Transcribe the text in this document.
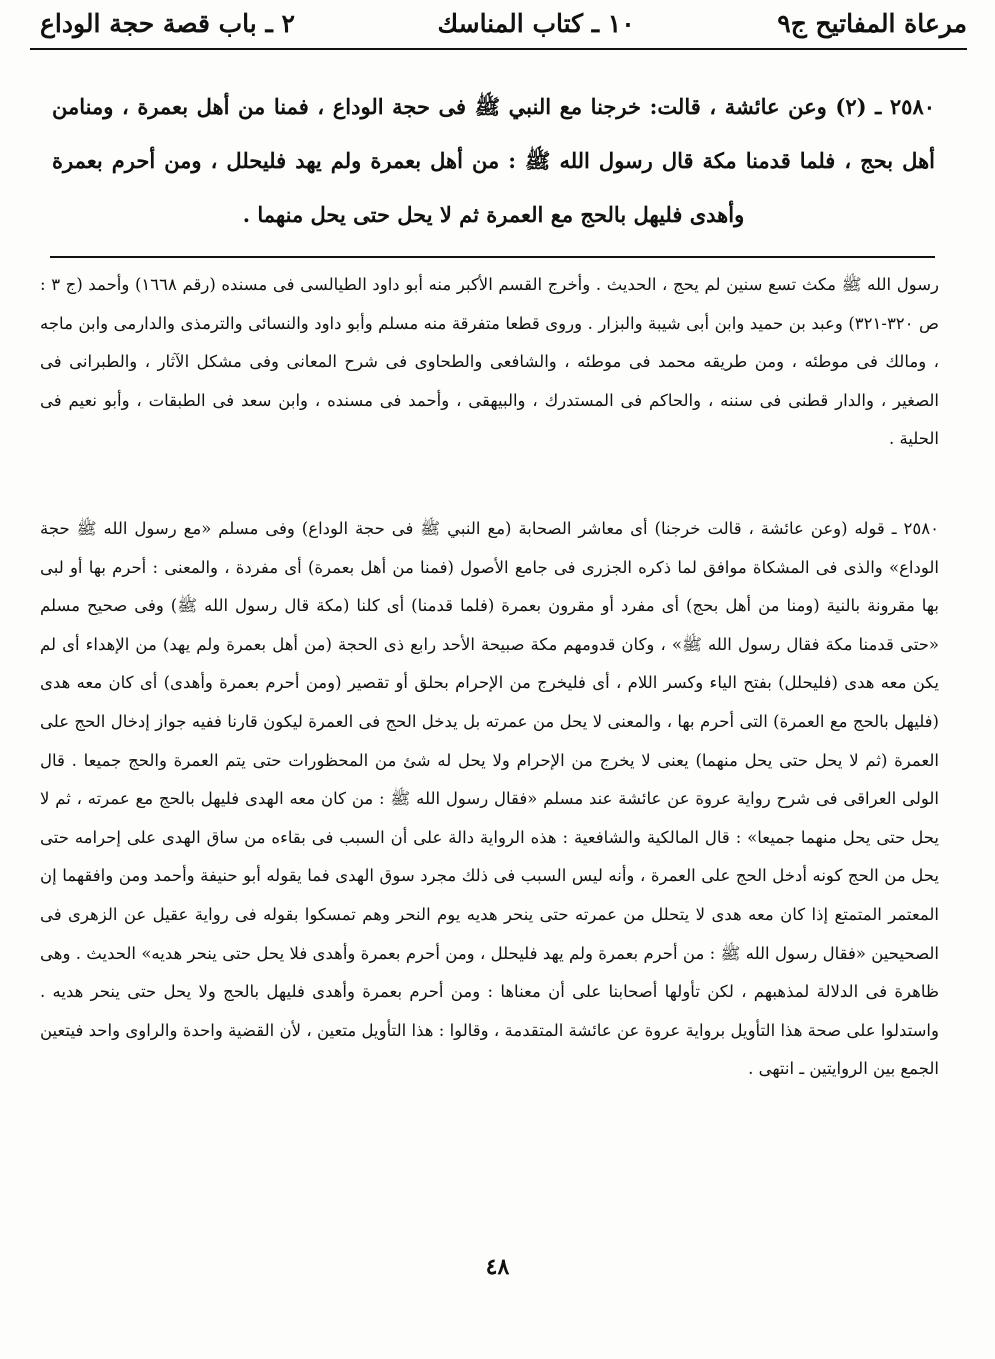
مرعاة المفاتيح ج٩
١٠ ـ كتاب المناسك
٢ ـ باب قصة حجة الوداع
٢٥٨٠ ـ (٢) وعن عائشة ، قالت: خرجنا مع النبي ﷺ فى حجة الوداع ، فمنا من أهل بعمرة ، ومنامن أهل بحج ، فلما قدمنا مكة قال رسول الله ﷺ : من أهل بعمرة ولم يهد فليحلل ، ومن أحرم بعمرة وأهدى فليهل بالحج مع العمرة ثم لا يحل حتى يحل منهما .

رسول الله ﷺ مكث تسع سنين لم يحج ، الحديث . وأخرج القسم الأكبر منه أبو داود الطيالسى فى مسنده (رقم ١٦٦٨) وأحمد (ج ٣ : ص ٣٢٠-٣٢١) وعبد بن حميد وابن أبى شيبة والبزار . وروى قطعا متفرقة منه مسلم وأبو داود والنسائى والترمذى والدارمى وابن ماجه ، ومالك فى موطئه ، ومن طريقه محمد فى موطئه ، والشافعى والطحاوى فى شرح المعانى وفى مشكل الآثار ، والطبرانى فى الصغير ، والدار قطنى فى سننه ، والحاكم فى المستدرك ، والبيهقى ، وأحمد فى مسنده ، وابن سعد فى الطبقات ، وأبو نعيم فى الحلية .

٢٥٨٠ ـ قوله (وعن عائشة ، قالت خرجنا) أى معاشر الصحابة (مع النبي ﷺ فى حجة الوداع) وفى مسلم «مع رسول الله ﷺ حجة الوداع» والذى فى المشكاة موافق لما ذكره الجزرى فى جامع الأصول (فمنا من أهل بعمرة) أى مفردة ، والمعنى : أحرم بها أو لبى بها مقرونة بالنية (ومنا من أهل بحج) أى مفرد أو مقرون بعمرة (فلما قدمنا) أى كلنا (مكة قال رسول الله ﷺ) وفى صحيح مسلم «حتى قدمنا مكة فقال رسول الله ﷺ» ، وكان قدومهم مكة صبيحة الأحد رابع ذى الحجة (من أهل بعمرة ولم يهد) من الإهداء أى لم يكن معه هدى (فليحلل) بفتح الياء وكسر اللام ، أى فليخرج من الإحرام بحلق أو تقصير (ومن أحرم بعمرة وأهدى) أى كان معه هدى (فليهل بالحج مع العمرة) التى أحرم بها ، والمعنى لا يحل من عمرته بل يدخل الحج فى العمرة ليكون قارنا ففيه جواز إدخال الحج على العمرة (ثم لا يحل حتى يحل منهما) يعنى لا يخرج من الإحرام ولا يحل له شئ من المحظورات حتى يتم العمرة والحج جميعا . قال الولى العراقى فى شرح رواية عروة عن عائشة عند مسلم «فقال رسول الله ﷺ : من كان معه الهدى فليهل بالحج مع عمرته ، ثم لا يحل حتى يحل منهما جميعا» : قال المالكية والشافعية : هذه الرواية دالة على أن السبب فى بقاءه من ساق الهدى على إحرامه حتى يحل من الحج كونه أدخل الحج على العمرة ، وأنه ليس السبب فى ذلك مجرد سوق الهدى فما يقوله أبو حنيفة وأحمد ومن وافقهما إن المعتمر المتمتع إذا كان معه هدى لا يتحلل من عمرته حتى ينحر هديه يوم النحر وهم تمسكوا بقوله فى رواية عقيل عن الزهرى فى الصحيحين «فقال رسول الله ﷺ : من أحرم بعمرة ولم يهد فليحلل ، ومن أحرم بعمرة وأهدى فلا يحل حتى ينحر هديه» الحديث . وهى ظاهرة فى الدلالة لمذهبهم ، لكن تأولها أصحابنا على أن معناها : ومن أحرم بعمرة وأهدى فليهل بالحج ولا يحل حتى ينحر هديه . واستدلوا على صحة هذا التأويل برواية عروة عن عائشة المتقدمة ، وقالوا : هذا التأويل متعين ، لأن القضية واحدة والراوى واحد فيتعين الجمع بين الروايتين ـ انتهى .

٤٨
